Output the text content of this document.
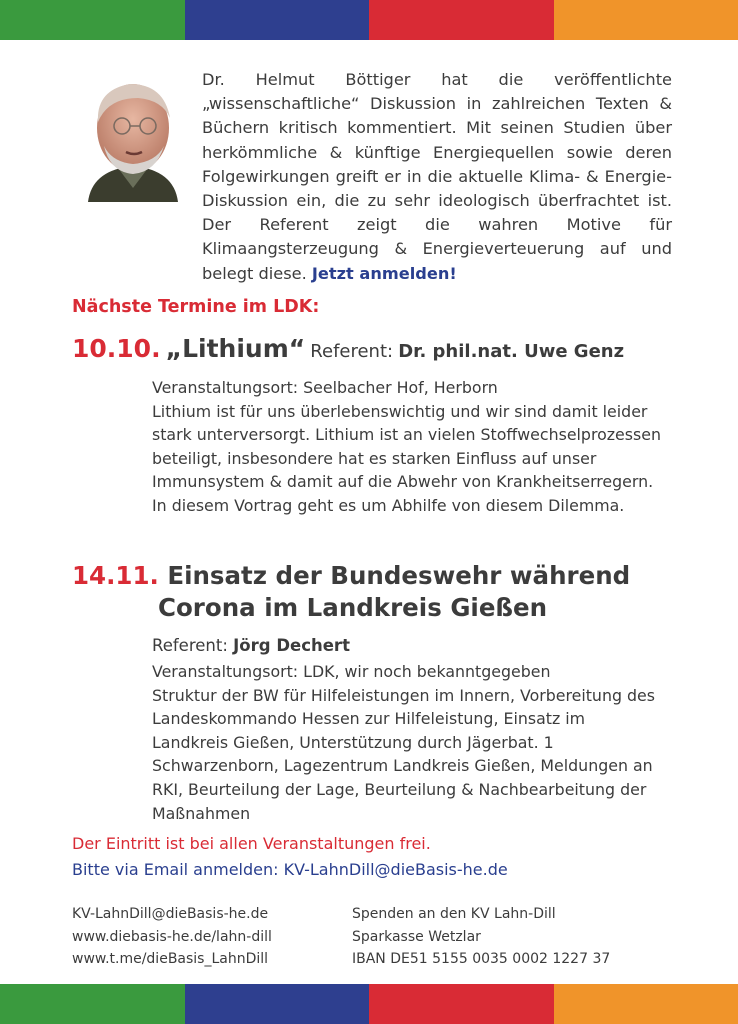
Dr. Helmut Böttiger hat die veröffentlichte „wissenschaftliche“ Diskussion in zahlreichen Texten & Büchern kritisch kommentiert. Mit seinen Studien über herkömmliche & künftige Energiequellen sowie deren Folgewirkungen greift er in die aktuelle Klima- & Energie-Diskussion ein, die zu sehr ideologisch überfrachtet ist. Der Referent zeigt die wahren Motive für Klimaangsterzeugung & Energieverteuerung auf und belegt diese. Jetzt anmelden!
Nächste Termine im LDK:
10.10. „Lithium“ Referent: Dr. phil.nat. Uwe Genz
Veranstaltungsort: Seelbacher Hof, Herborn
Lithium ist für uns überlebenswichtig und wir sind damit leider stark unterversorgt. Lithium ist an vielen Stoffwechselprozessen beteiligt, insbesondere hat es starken Einfluss auf unser Immunsystem & damit auf die Abwehr von Krankheitserregern. In diesem Vortrag geht es um Abhilfe von diesem Dilemma.
14.11. Einsatz der Bundeswehr während
Corona im Landkreis Gießen
Referent: Jörg Dechert
Veranstaltungsort: LDK, wir noch bekanntgegeben
Struktur der BW für Hilfeleistungen im Innern, Vorbereitung des Landeskommando Hessen zur Hilfeleistung, Einsatz im Landkreis Gießen, Unterstützung durch Jägerbat. 1 Schwarzenborn, Lagezentrum Landkreis Gießen, Meldungen an RKI, Beurteilung der Lage, Beurteilung & Nachbearbeitung der Maßnahmen
Der Eintritt ist bei allen Veranstaltungen frei.
Bitte via Email anmelden: KV-LahnDill@dieBasis-he.de
KV-LahnDill@dieBasis-he.de
www.diebasis-he.de/lahn-dill
www.t.me/dieBasis_LahnDill
Spenden an den KV Lahn-Dill
Sparkasse Wetzlar
IBAN DE51 5155 0035 0002 1227 37
